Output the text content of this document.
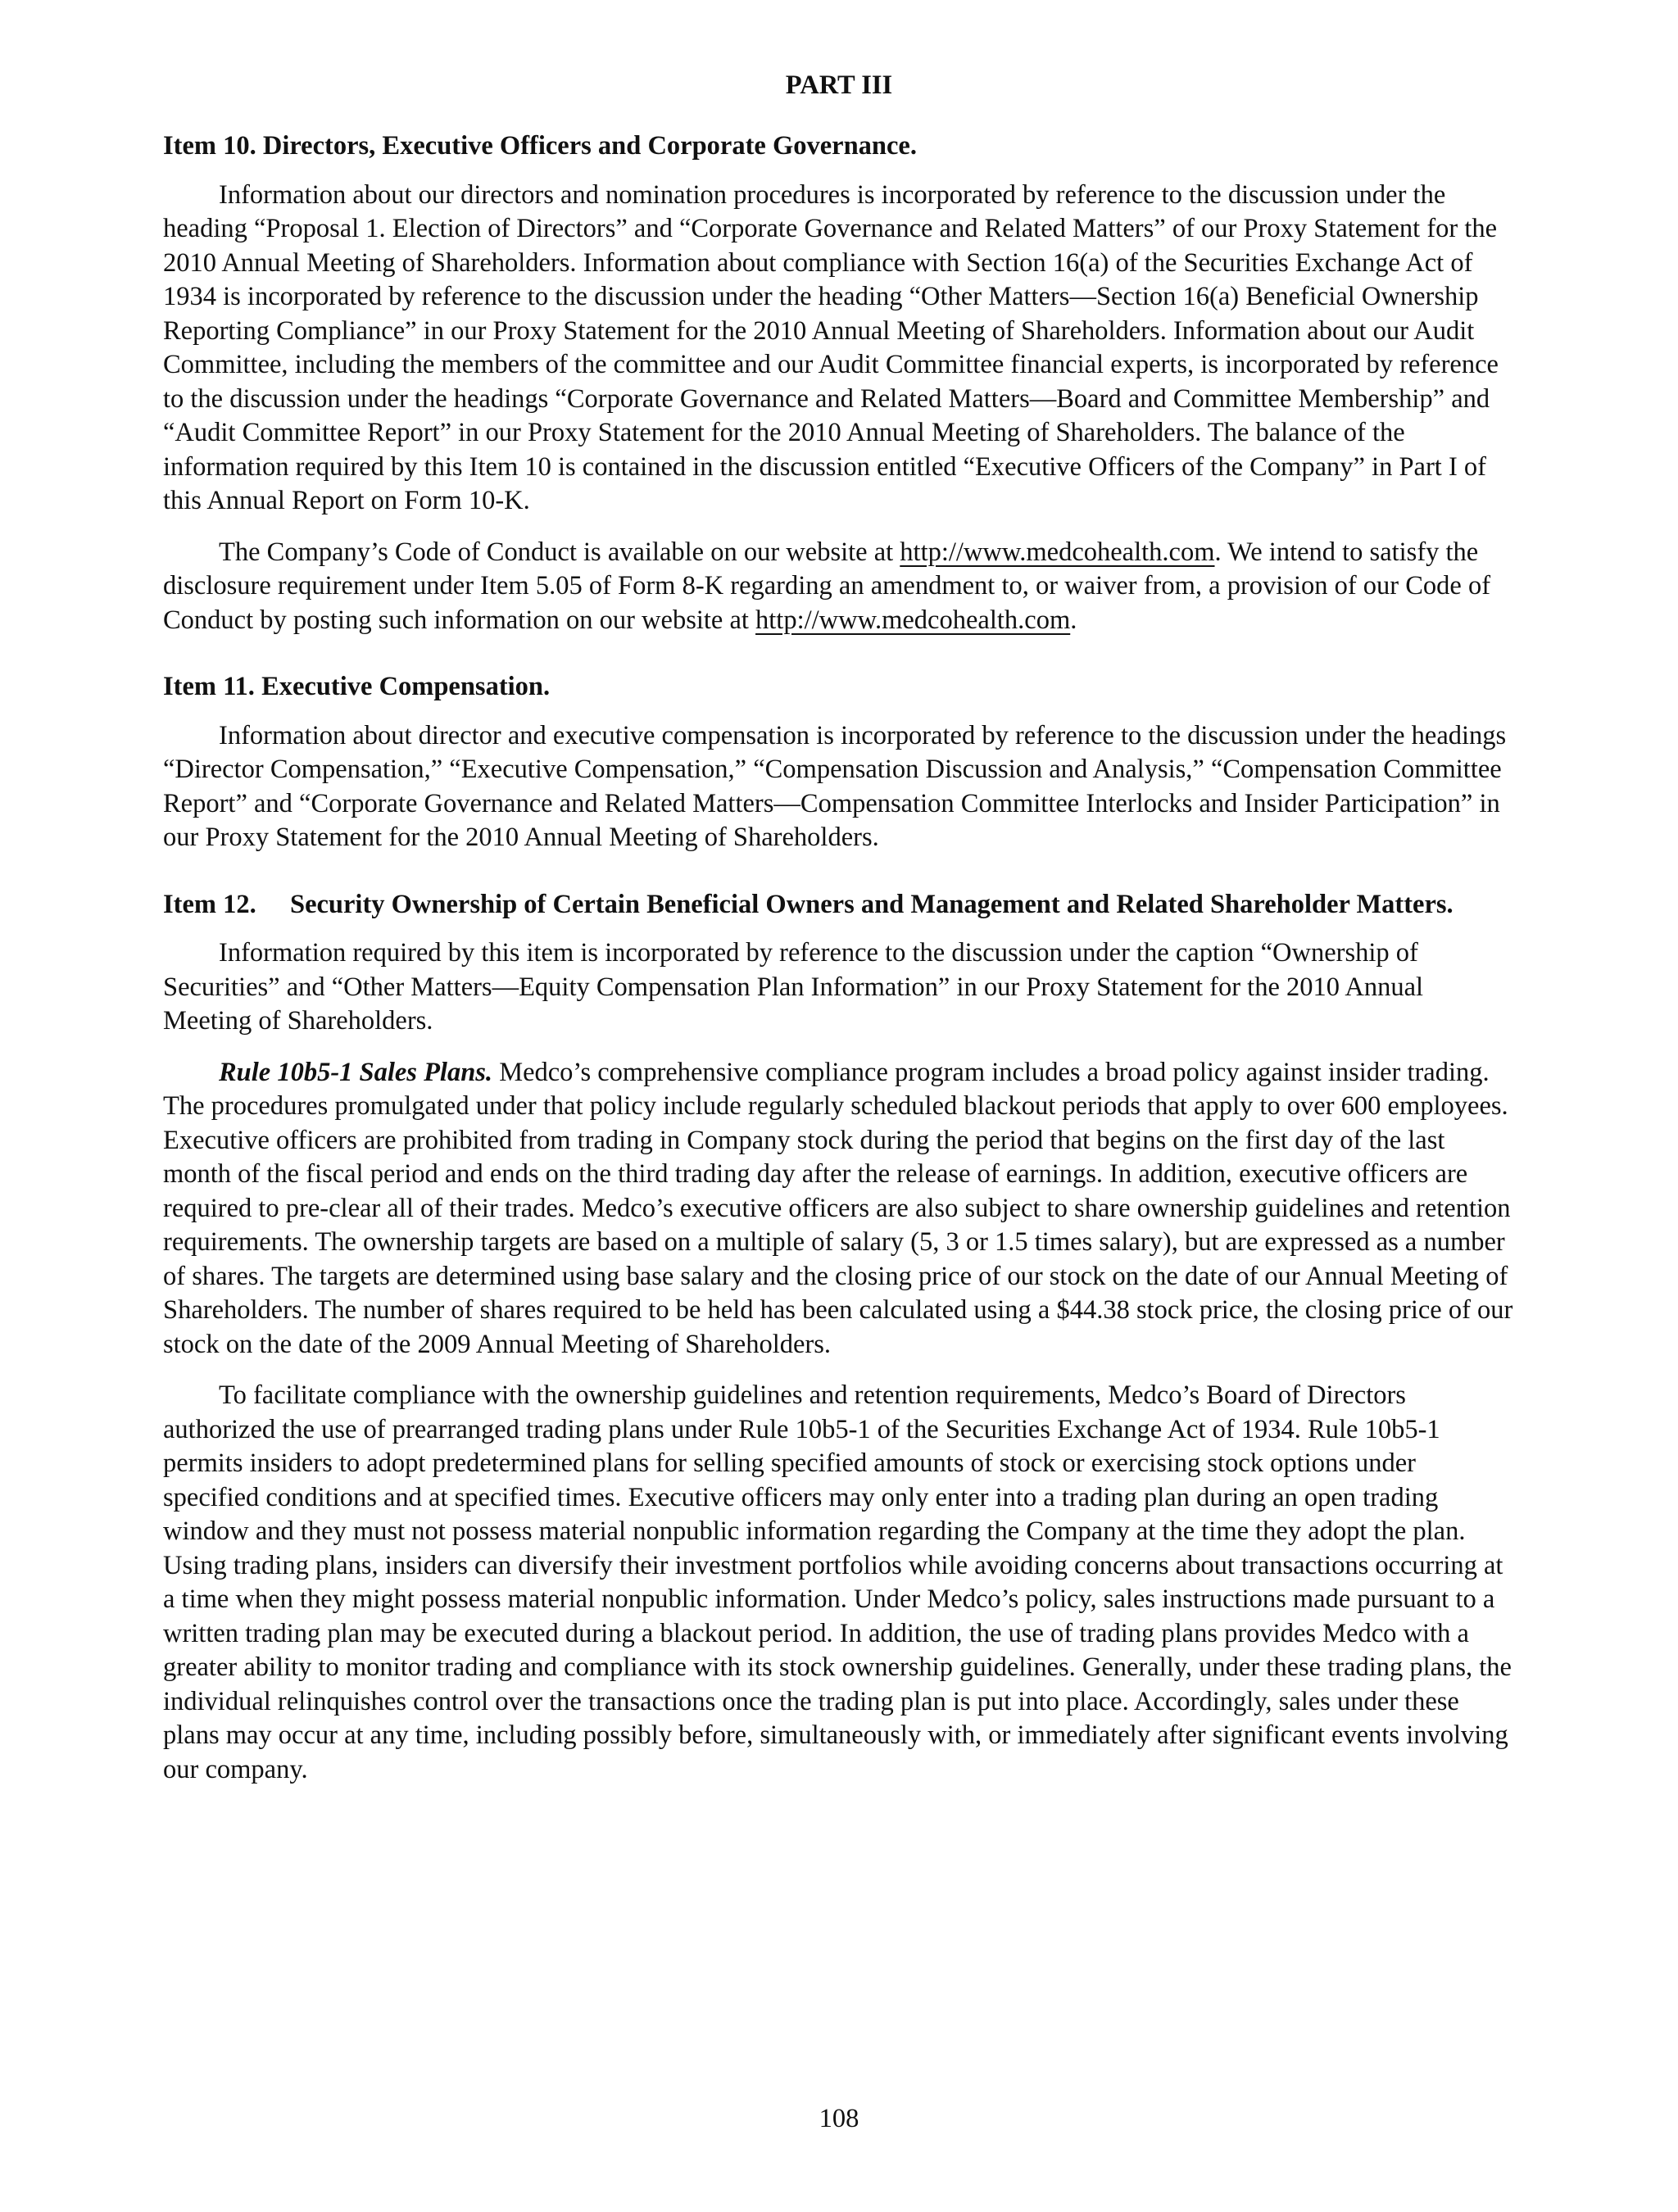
PART III
Item 10. Directors, Executive Officers and Corporate Governance.

Information about our directors and nomination procedures is incorporated by reference to the discussion under the heading “Proposal 1. Election of Directors” and “Corporate Governance and Related Matters” of our Proxy Statement for the 2010 Annual Meeting of Shareholders. Information about compliance with Section 16(a) of the Securities Exchange Act of 1934 is incorporated by reference to the discussion under the heading “Other Matters—Section 16(a) Beneficial Ownership Reporting Compliance” in our Proxy Statement for the 2010 Annual Meeting of Shareholders. Information about our Audit Committee, including the members of the committee and our Audit Committee financial experts, is incorporated by reference to the discussion under the headings “Corporate Governance and Related Matters—Board and Committee Membership” and “Audit Committee Report” in our Proxy Statement for the 2010 Annual Meeting of Shareholders. The balance of the information required by this Item 10 is contained in the discussion entitled “Executive Officers of the Company” in Part I of this Annual Report on Form 10-K.

The Company’s Code of Conduct is available on our website at http://www.medcohealth.com. We intend to satisfy the disclosure requirement under Item 5.05 of Form 8-K regarding an amendment to, or waiver from, a provision of our Code of Conduct by posting such information on our website at http://www.medcohealth.com.

Item 11. Executive Compensation.

Information about director and executive compensation is incorporated by reference to the discussion under the headings “Director Compensation,” “Executive Compensation,” “Compensation Discussion and Analysis,” “Compensation Committee Report” and “Corporate Governance and Related Matters—Compensation Committee Interlocks and Insider Participation” in our Proxy Statement for the 2010 Annual Meeting of Shareholders.

Item 12. Security Ownership of Certain Beneficial Owners and Management and Related Shareholder Matters.

Information required by this item is incorporated by reference to the discussion under the caption “Ownership of Securities” and “Other Matters—Equity Compensation Plan Information” in our Proxy Statement for the 2010 Annual Meeting of Shareholders.

Rule 10b5-1 Sales Plans. Medco’s comprehensive compliance program includes a broad policy against insider trading. The procedures promulgated under that policy include regularly scheduled blackout periods that apply to over 600 employees. Executive officers are prohibited from trading in Company stock during the period that begins on the first day of the last month of the fiscal period and ends on the third trading day after the release of earnings. In addition, executive officers are required to pre-clear all of their trades. Medco’s executive officers are also subject to share ownership guidelines and retention requirements. The ownership targets are based on a multiple of salary (5, 3 or 1.5 times salary), but are expressed as a number of shares. The targets are determined using base salary and the closing price of our stock on the date of our Annual Meeting of Shareholders. The number of shares required to be held has been calculated using a $44.38 stock price, the closing price of our stock on the date of the 2009 Annual Meeting of Shareholders.

To facilitate compliance with the ownership guidelines and retention requirements, Medco’s Board of Directors authorized the use of prearranged trading plans under Rule 10b5-1 of the Securities Exchange Act of 1934. Rule 10b5-1 permits insiders to adopt predetermined plans for selling specified amounts of stock or exercising stock options under specified conditions and at specified times. Executive officers may only enter into a trading plan during an open trading window and they must not possess material nonpublic information regarding the Company at the time they adopt the plan. Using trading plans, insiders can diversify their investment portfolios while avoiding concerns about transactions occurring at a time when they might possess material nonpublic information. Under Medco’s policy, sales instructions made pursuant to a written trading plan may be executed during a blackout period. In addition, the use of trading plans provides Medco with a greater ability to monitor trading and compliance with its stock ownership guidelines. Generally, under these trading plans, the individual relinquishes control over the transactions once the trading plan is put into place. Accordingly, sales under these plans may occur at any time, including possibly before, simultaneously with, or immediately after significant events involving our company.

108
